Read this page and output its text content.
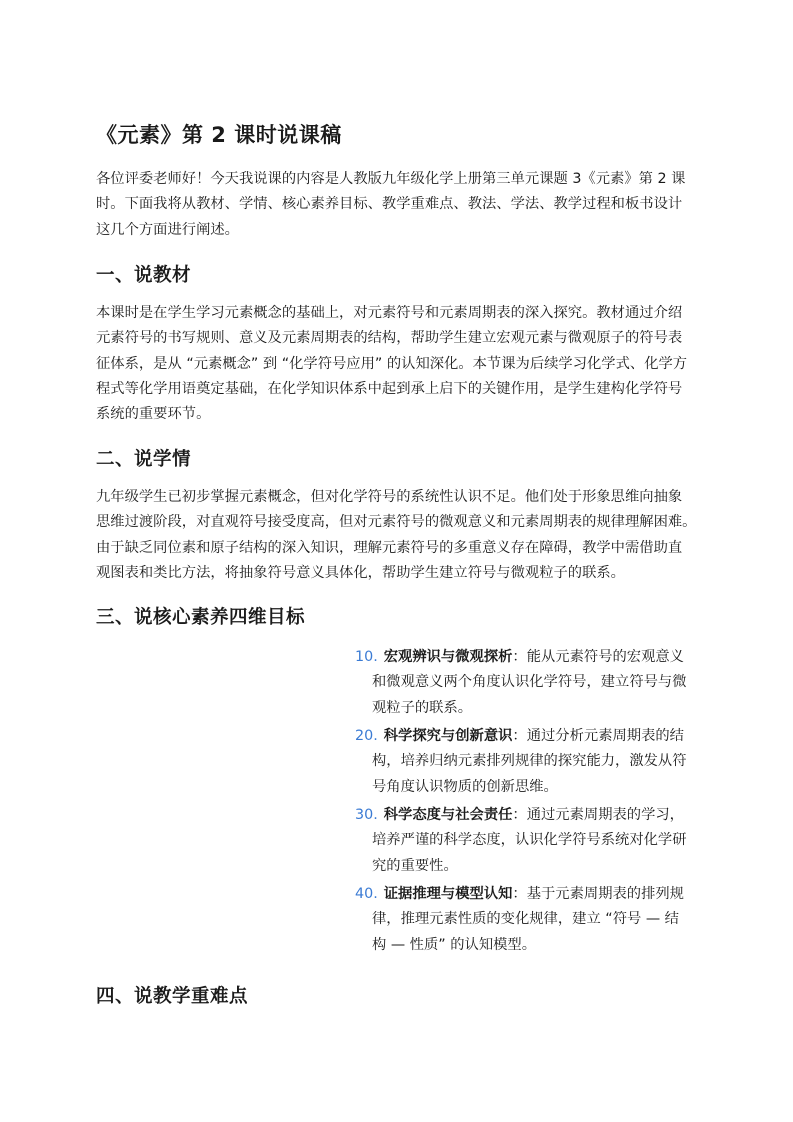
《元素》第 2 课时说课稿
各位评委老师好！今天我说课的内容是人教版九年级化学上册第三单元课题 3《元素》第 2 课
时。下面我将从教材、学情、核心素养目标、教学重难点、教法、学法、教学过程和板书设计
这几个方面进行阐述。
一、说教材
本课时是在学生学习元素概念的基础上，对元素符号和元素周期表的深入探究。教材通过介绍
元素符号的书写规则、意义及元素周期表的结构，帮助学生建立宏观元素与微观原子的符号表
征体系，是从 “元素概念” 到 “化学符号应用” 的认知深化。本节课为后续学习化学式、化学方
程式等化学用语奠定基础，在化学知识体系中起到承上启下的关键作用，是学生建构化学符号
系统的重要环节。
二、说学情
九年级学生已初步掌握元素概念，但对化学符号的系统性认识不足。他们处于形象思维向抽象
思维过渡阶段，对直观符号接受度高，但对元素符号的微观意义和元素周期表的规律理解困难。
由于缺乏同位素和原子结构的深入知识，理解元素符号的多重意义存在障碍，教学中需借助直
观图表和类比方法，将抽象符号意义具体化，帮助学生建立符号与微观粒子的联系。
三、说核心素养四维目标
10. 宏观辨识与微观探析：能从元素符号的宏观意义
和微观意义两个角度认识化学符号，建立符号与微
观粒子的联系。
20. 科学探究与创新意识：通过分析元素周期表的结
构，培养归纳元素排列规律的探究能力，激发从符
号角度认识物质的创新思维。
30. 科学态度与社会责任：通过元素周期表的学习，
培养严谨的科学态度，认识化学符号系统对化学研
究的重要性。
40. 证据推理与模型认知：基于元素周期表的排列规
律，推理元素性质的变化规律，建立 “符号 — 结
构 — 性质” 的认知模型。
四、说教学重难点
